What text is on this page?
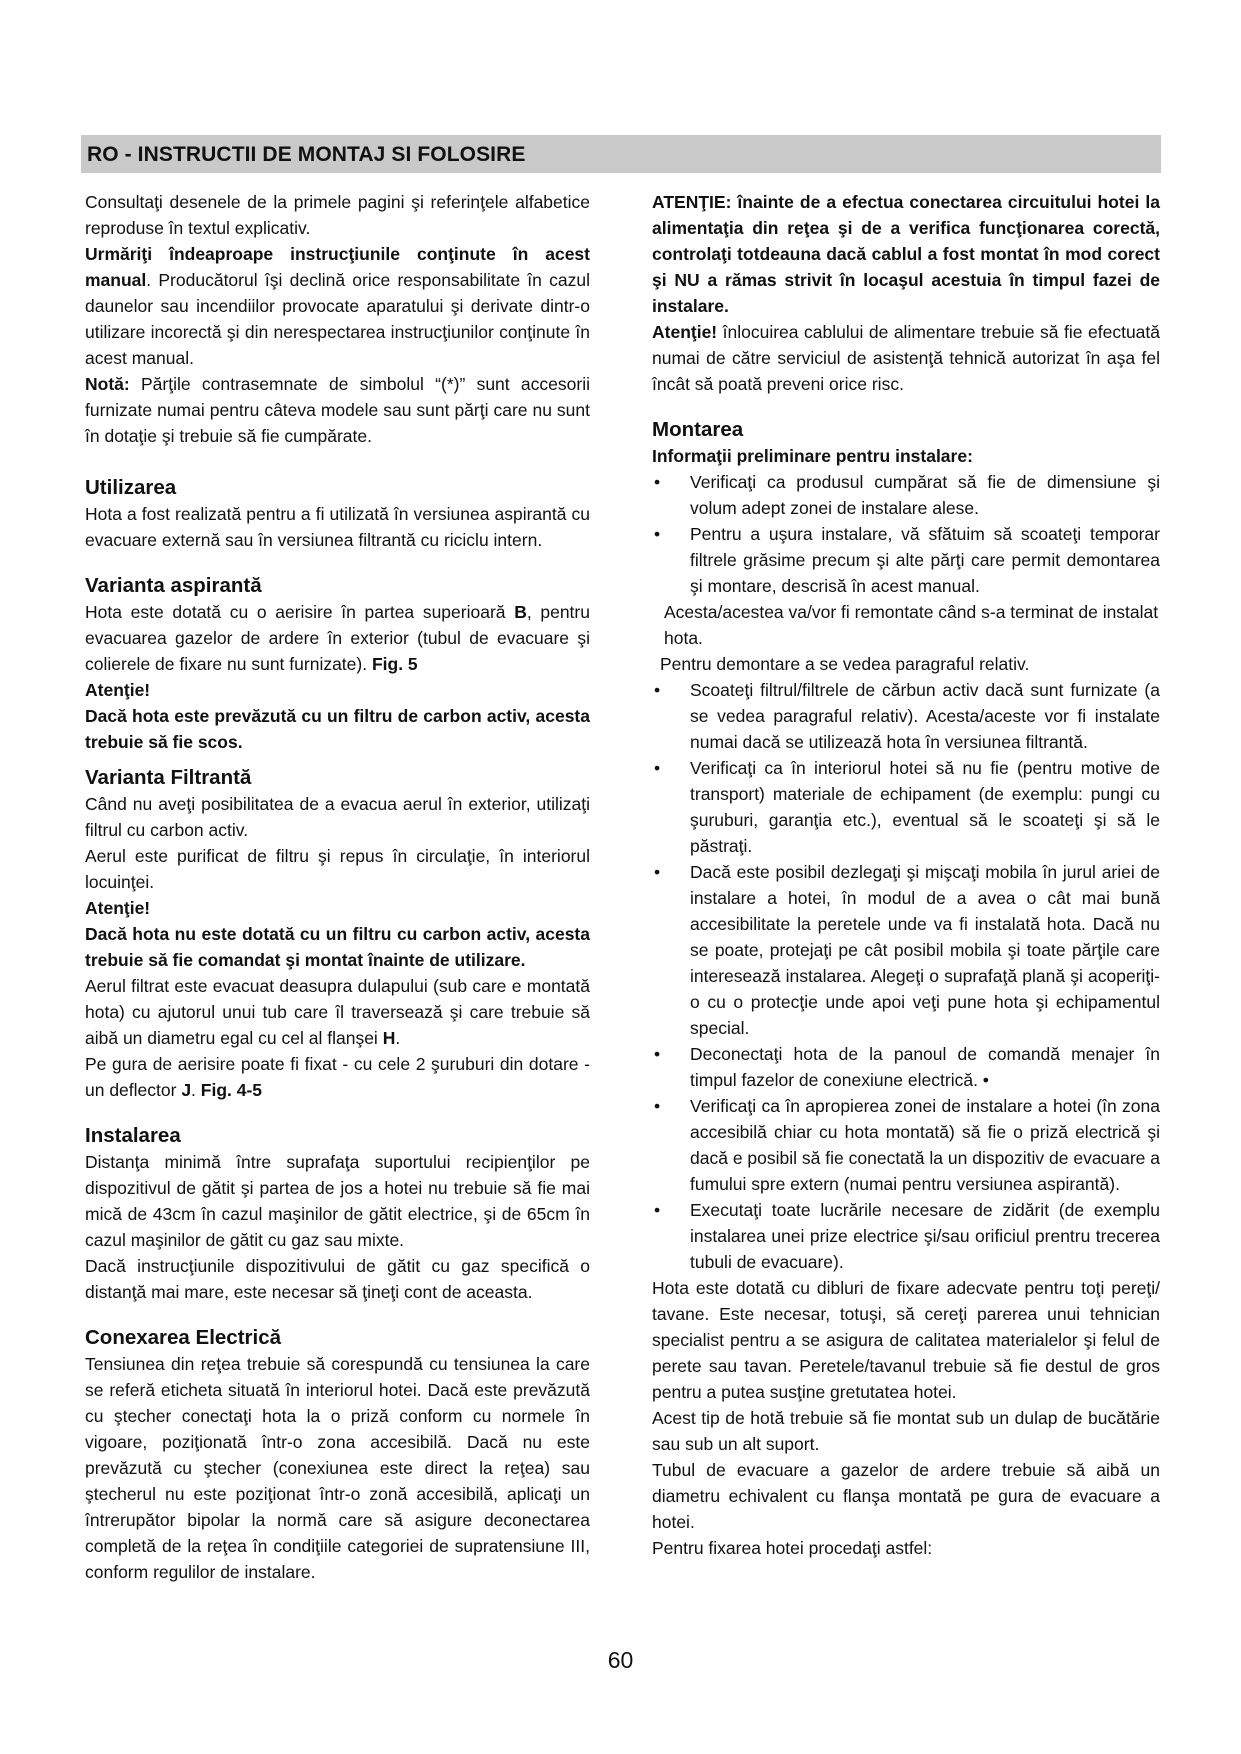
RO - INSTRUCTII DE MONTAJ SI FOLOSIRE

Consultaţi desenele de la primele pagini şi referinţele alfabetice reproduse în textul explicativ.

Urmăriţi îndeaproape instrucţiunile conţinute în acest manual. Producătorul îşi declină orice responsabilitate în cazul daunelor sau incendiilor provocate aparatului şi derivate dintr-o utilizare incorectă şi din nerespectarea instrucţiunilor conţinute în acest manual.

Notă: Părţile contrasemnate de simbolul “(*)” sunt accesorii furnizate numai pentru câteva modele sau sunt părţi care nu sunt în dotaţie şi trebuie să fie cumpărate.

Utilizarea

Hota a fost realizată pentru a fi utilizată în versiunea aspirantă cu evacuare externă sau în versiunea filtrantă cu riciclu intern.

Varianta aspirantă

Hota este dotată cu o aerisire în partea superioară B, pentru evacuarea gazelor de ardere în exterior (tubul de evacuare şi colierele de fixare nu sunt furnizate). Fig. 5

Atenţie!

Dacă hota este prevăzută cu un filtru de carbon activ, acesta trebuie să fie scos.

Varianta Filtrantă

Când nu aveţi posibilitatea de a evacua aerul în exterior, utilizaţi filtrul cu carbon activ.

Aerul este purificat de filtru şi repus în circulaţie, în interiorul locuinţei.

Atenţie!

Dacă hota nu este dotată cu un filtru cu carbon activ, acesta trebuie să fie comandat şi montat înainte de utilizare.

Aerul filtrat este evacuat deasupra dulapului (sub care e montată hota) cu ajutorul unui tub care îl traversează şi care trebuie să aibă un diametru egal cu cel al flanşei H.

Pe gura de aerisire poate fi fixat - cu cele 2 şuruburi din dotare - un deflector J. Fig. 4-5

Instalarea

Distanţa minimă între suprafaţa suportului recipienţilor pe dispozitivul de gătit şi partea de jos a hotei nu trebuie să fie mai mică de 43cm în cazul maşinilor de gătit electrice, şi de 65cm în cazul maşinilor de gătit cu gaz sau mixte.

Dacă instrucţiunile dispozitivului de gătit cu gaz specifică o distanţă mai mare, este necesar să ţineţi cont de aceasta.

Conexarea Electrică

Tensiunea din reţea trebuie să corespundă cu tensiunea la care se referă eticheta situată în interiorul hotei. Dacă este prevăzută cu ştecher conectaţi hota la o priză conform cu normele în vigoare, poziţionată într-o zona accesibilă. Dacă nu este prevăzută cu ştecher (conexiunea este direct la reţea) sau ştecherul nu este poziţionat într-o zonă accesibilă, aplicaţi un întrerupător bipolar la normă care să asigure deconectarea completă de la reţea în condiţiile categoriei de supratensiune III, conform regulilor de instalare.

ATENŢIE: înainte de a efectua conectarea circuitului hotei la alimentaţia din reţea şi de a verifica funcţionarea corectă, controlaţi totdeauna dacă cablul a fost montat în mod corect şi NU a rămas strivit în locaşul acestuia în timpul fazei de instalare.

Atenţie! înlocuirea cablului de alimentare trebuie să fie efectuată numai de către serviciul de asistenţă tehnică autorizat în aşa fel încât să poată preveni orice risc.

Montarea

Informaţii preliminare pentru instalare:

• Verificaţi ca produsul cumpărat să fie de dimensiune şi volum adept zonei de instalare alese.
• Pentru a uşura instalare, vă sfătuim să scoateţi temporar filtrele grăsime precum şi alte părţi care permit demontarea şi montare, descrisă în acest manual.

Acesta/acestea va/vor fi remontate când s-a terminat de instalat hota.

Pentru demontare a se vedea paragraful relativ.

• Scoateţi filtrul/filtrele de cărbun activ dacă sunt furnizate (a se vedea paragraful relativ). Acesta/aceste vor fi instalate numai dacă se utilizează hota în versiunea filtrantă.
• Verificaţi ca în interiorul hotei să nu fie (pentru motive de transport) materiale de echipament (de exemplu: pungi cu şuruburi, garanţia etc.), eventual să le scoateţi şi să le păstraţi.
• Dacă este posibil dezlegaţi şi mişcaţi mobila în jurul ariei de instalare a hotei, în modul de a avea o cât mai bună accesibilitate la peretele unde va fi instalată hota. Dacă nu se poate, protejaţi pe cât posibil mobila şi toate părţile care interesează instalarea. Alegeţi o suprafaţă plană şi acoperiţi-o cu o protecţie unde apoi veţi pune hota şi echipamentul special.
• Deconectaţi hota de la panoul de comandă menajer în timpul fazelor de conexiune electrică. •
• Verificaţi ca în apropierea zonei de instalare a hotei (în zona accesibilă chiar cu hota montată) să fie o priză electrică şi dacă e posibil să fie conectată la un dispozitiv de evacuare a fumului spre extern (numai pentru versiunea aspirantă).
• Executaţi toate lucrările necesare de zidărit (de exemplu instalarea unei prize electrice şi/sau orificiul prentru trecerea tubuli de evacuare).

Hota este dotată cu dibluri de fixare adecvate pentru toţi pereţi/ tavane. Este necesar, totuşi, să cereţi parerea unui tehnician specialist pentru a se asigura de calitatea materialelor şi felul de perete sau tavan. Peretele/tavanul trebuie să fie destul de gros pentru a putea susţine gretutatea hotei.

Acest tip de hotă trebuie să fie montat sub un dulap de bucătărie sau sub un alt suport.

Tubul de evacuare a gazelor de ardere trebuie să aibă un diametru echivalent cu flanşa montată pe gura de evacuare a hotei.

Pentru fixarea hotei procedaţi astfel:

60
